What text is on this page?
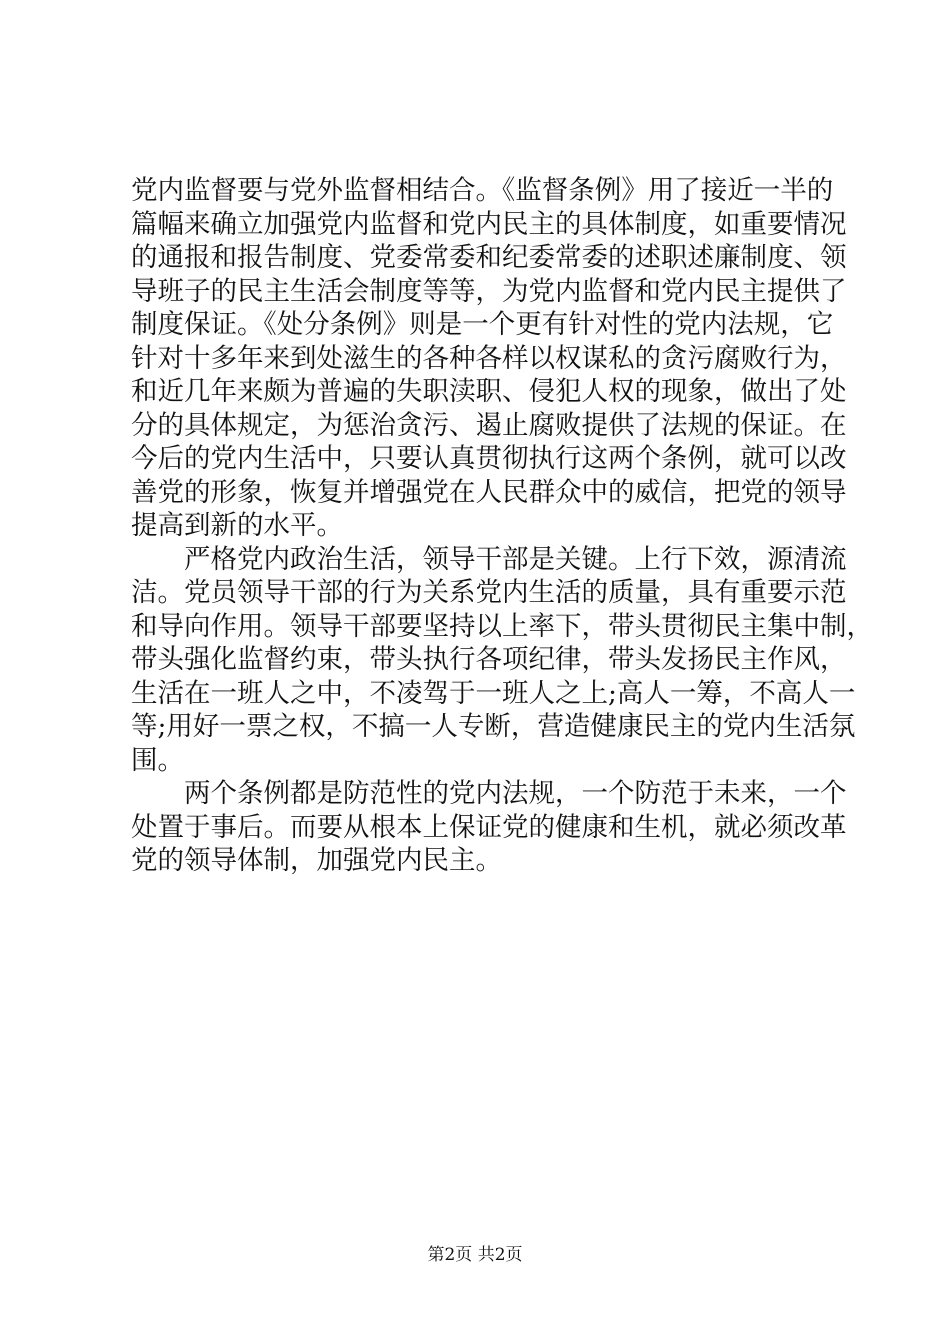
党内监督要与党外监督相结合。《监督条例》用了接近一半的
篇幅来确立加强党内监督和党内民主的具体制度，如重要情况
的通报和报告制度、党委常委和纪委常委的述职述廉制度、领
导班子的民主生活会制度等等，为党内监督和党内民主提供了
制度保证。《处分条例》则是一个更有针对性的党内法规，它
针对十多年来到处滋生的各种各样以权谋私的贪污腐败行为，
和近几年来颇为普遍的失职渎职、侵犯人权的现象，做出了处
分的具体规定，为惩治贪污、遏止腐败提供了法规的保证。在
今后的党内生活中，只要认真贯彻执行这两个条例，就可以改
善党的形象，恢复并增强党在人民群众中的威信，把党的领导
提高到新的水平。
严格党内政治生活，领导干部是关键。上行下效，源清流
洁。党员领导干部的行为关系党内生活的质量，具有重要示范
和导向作用。领导干部要坚持以上率下，带头贯彻民主集中制，
带头强化监督约束，带头执行各项纪律，带头发扬民主作风，
生活在一班人之中，不凌驾于一班人之上;高人一筹，不高人一
等;用好一票之权，不搞一人专断，营造健康民主的党内生活氛
围。
两个条例都是防范性的党内法规，一个防范于未来，一个
处置于事后。而要从根本上保证党的健康和生机，就必须改革
党的领导体制，加强党内民主。
第2页 共2页
